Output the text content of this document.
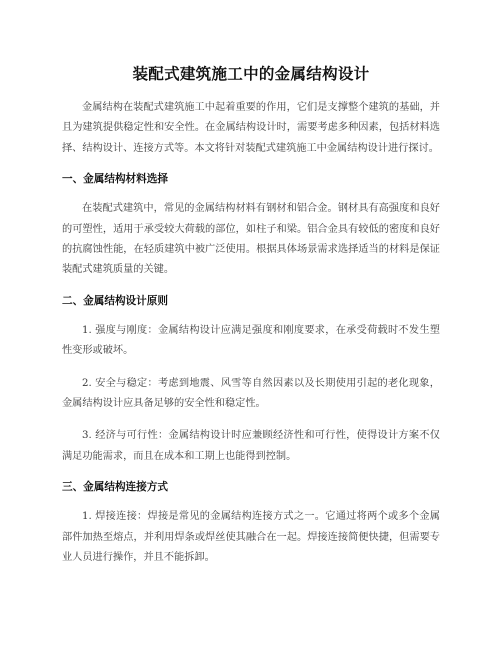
装配式建筑施工中的金属结构设计

金属结构在装配式建筑施工中起着重要的作用，它们是支撑整个建筑的基础，并且为建筑提供稳定性和安全性。在金属结构设计时，需要考虑多种因素，包括材料选择、结构设计、连接方式等。本文将针对装配式建筑施工中金属结构设计进行探讨。

一、金属结构材料选择

在装配式建筑中，常见的金属结构材料有钢材和铝合金。钢材具有高强度和良好的可塑性，适用于承受较大荷载的部位，如柱子和梁。铝合金具有较低的密度和良好的抗腐蚀性能，在轻质建筑中被广泛使用。根据具体场景需求选择适当的材料是保证装配式建筑质量的关键。

二、金属结构设计原则

1. 强度与刚度：金属结构设计应满足强度和刚度要求，在承受荷载时不发生塑性变形或破坏。

2. 安全与稳定：考虑到地震、风雪等自然因素以及长期使用引起的老化现象，金属结构设计应具备足够的安全性和稳定性。

3. 经济与可行性：金属结构设计时应兼顾经济性和可行性，使得设计方案不仅满足功能需求，而且在成本和工期上也能得到控制。

三、金属结构连接方式

1. 焊接连接：焊接是常见的金属结构连接方式之一。它通过将两个或多个金属部件加热至熔点，并利用焊条或焊丝使其融合在一起。焊接连接简便快捷，但需要专业人员进行操作，并且不能拆卸。
